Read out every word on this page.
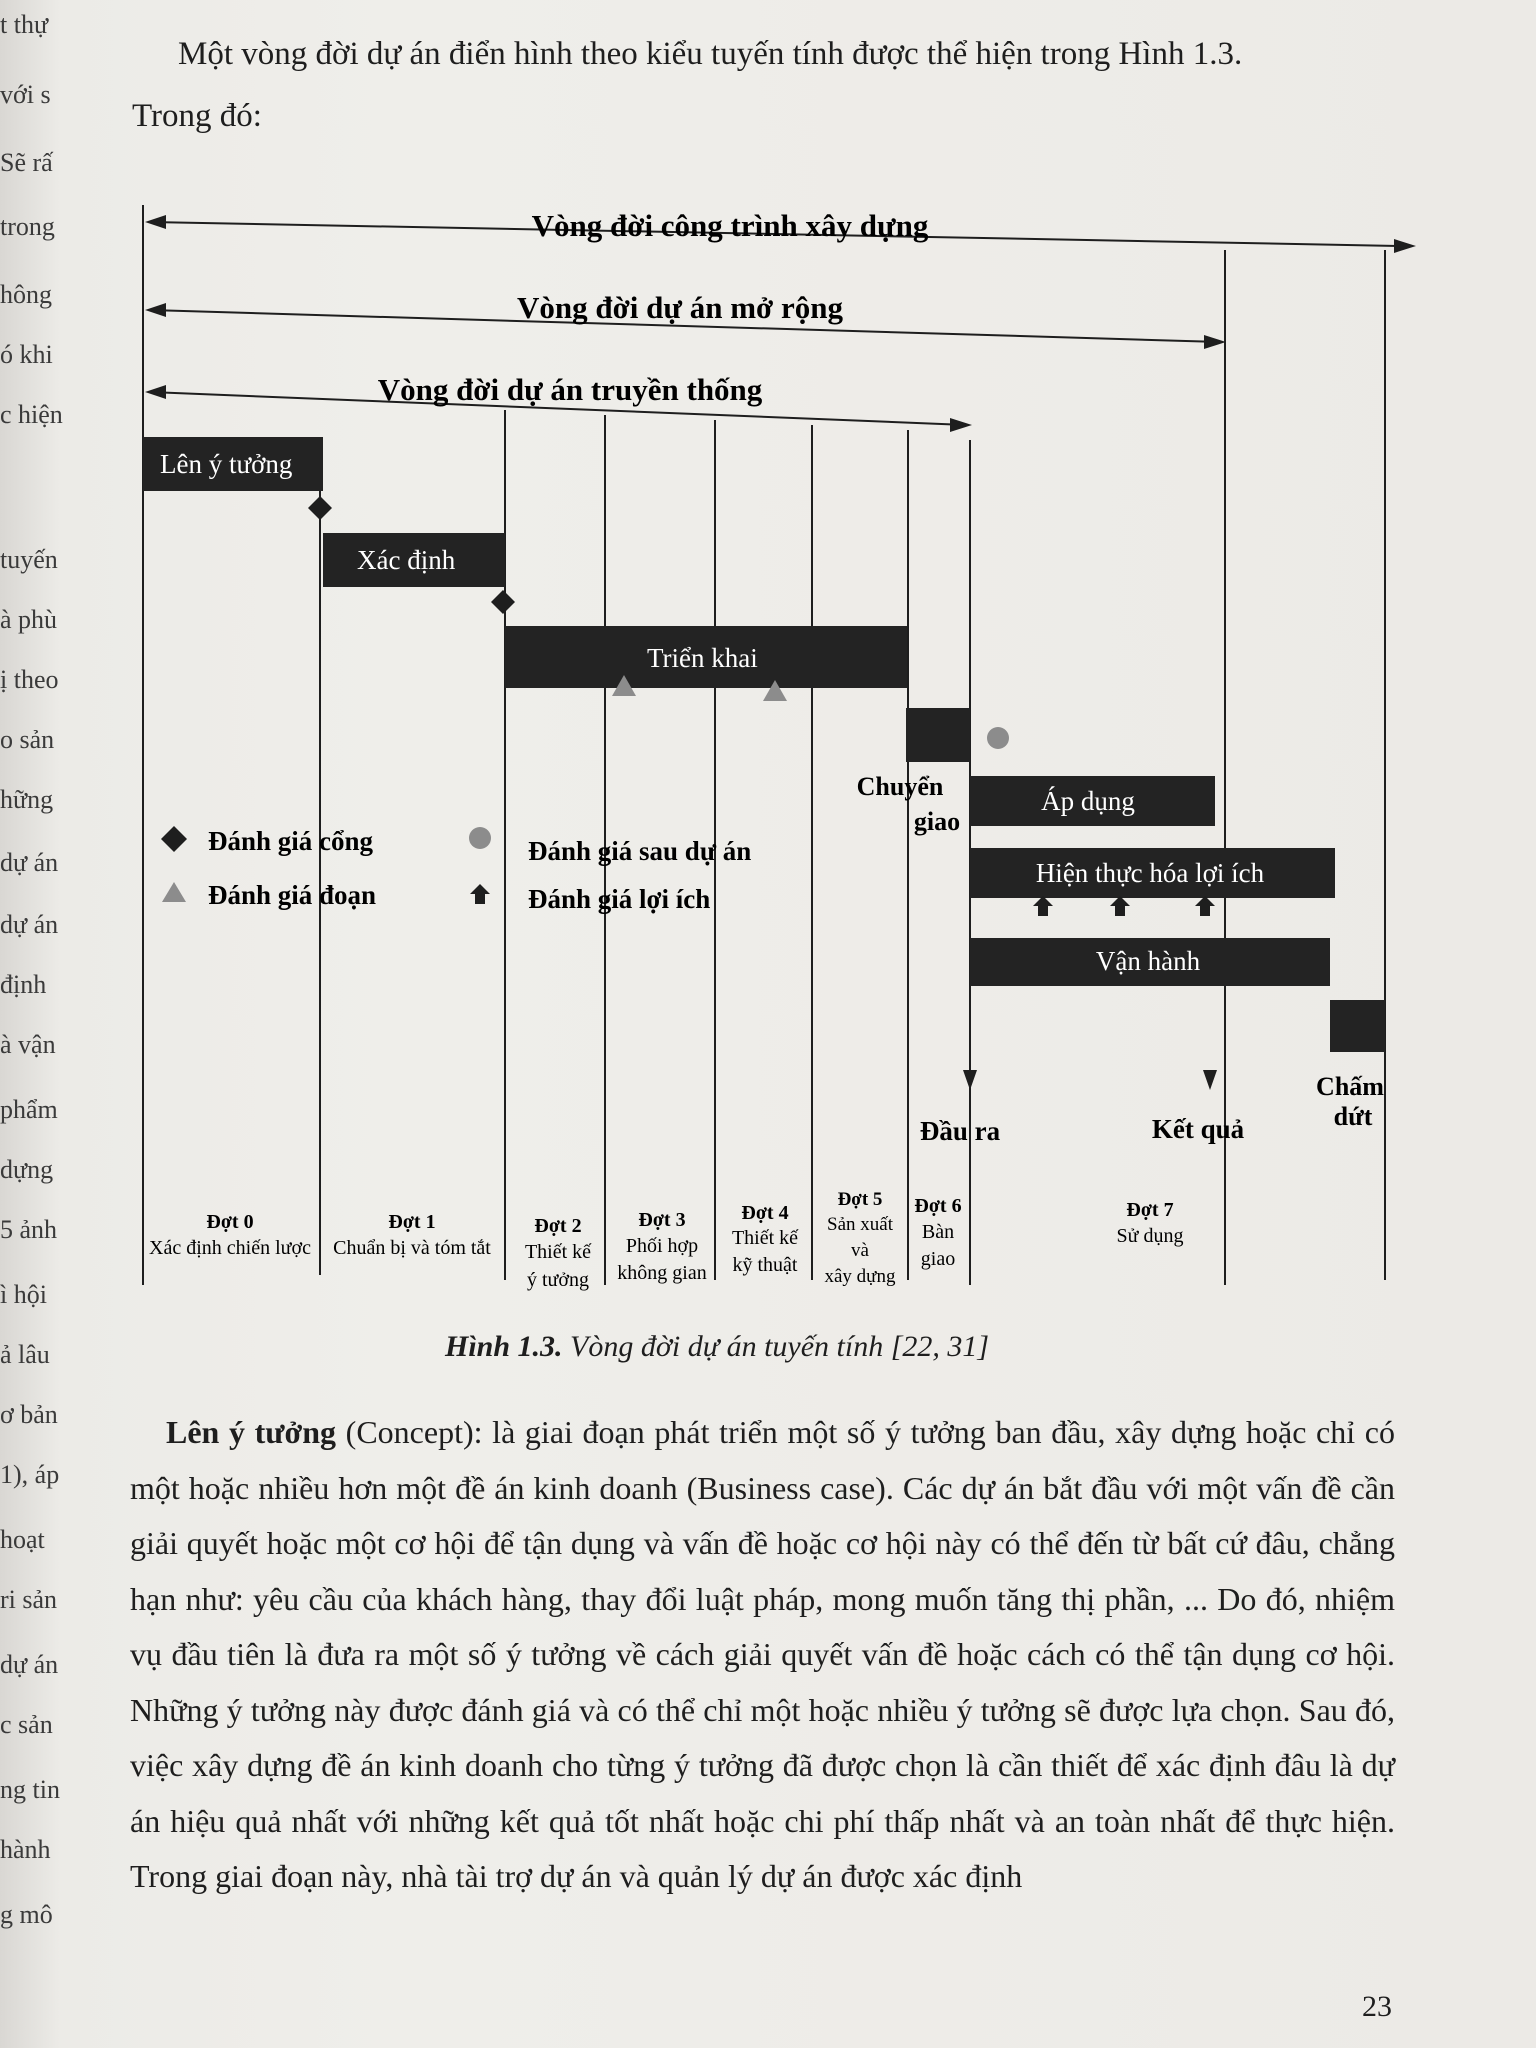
t thự
với s
Sẽ rấ
trong
hông
ó khi
c hiện
tuyến
à phù
ị theo
o sản
hững
dự án
dự án
định
à vận
phẩm
dựng
5 ảnh
ì hội
ả lâu
ơ bản
1), áp
hoạt
ri sản
dự án
c sản
ng tin
hành
g mô
Một vòng đời dự án điển hình theo kiểu tuyến tính được thể hiện trong Hình 1.3.
Trong đó:
Vòng đời công trình xây dựng
Vòng đời dự án mở rộng
Vòng đời dự án truyền thống
Lên ý tưởng
Xác định
Triển khai
Chuyển
giao
Áp dụng
Hiện thực hóa lợi ích
Vận hành
Chấm
dứt
Đánh giá cổng	Đánh giá sau dự án
Đánh giá đoạn	Đánh giá lợi ích
Đầu ra	Kết quả
Đợt 0
Xác định chiến lược
Đợt 1
Chuẩn bị và tóm tắt
Đợt 2
Thiết kế
ý tưởng
Đợt 3
Phối hợp
không gian
Đợt 4
Thiết kế
kỹ thuật
Đợt 5
Sản xuất
và
xây dựng
Đợt 6
Bàn
giao
Đợt 7
Sử dụng
Hình 1.3. Vòng đời dự án tuyến tính [22, 31]
Lên ý tưởng (Concept): là giai đoạn phát triển một số ý tưởng ban đầu, xây dựng hoặc chỉ có một hoặc nhiều hơn một đề án kinh doanh (Business case). Các dự án bắt đầu với một vấn đề cần giải quyết hoặc một cơ hội để tận dụng và vấn đề hoặc cơ hội này có thể đến từ bất cứ đâu, chẳng hạn như: yêu cầu của khách hàng, thay đổi luật pháp, mong muốn tăng thị phần, ... Do đó, nhiệm vụ đầu tiên là đưa ra một số ý tưởng về cách giải quyết vấn đề hoặc cách có thể tận dụng cơ hội. Những ý tưởng này được đánh giá và có thể chỉ một hoặc nhiều ý tưởng sẽ được lựa chọn. Sau đó, việc xây dựng đề án kinh doanh cho từng ý tưởng đã được chọn là cần thiết để xác định đâu là dự án hiệu quả nhất với những kết quả tốt nhất hoặc chi phí thấp nhất và an toàn nhất để thực hiện. Trong giai đoạn này, nhà tài trợ dự án và quản lý dự án được xác định
23
